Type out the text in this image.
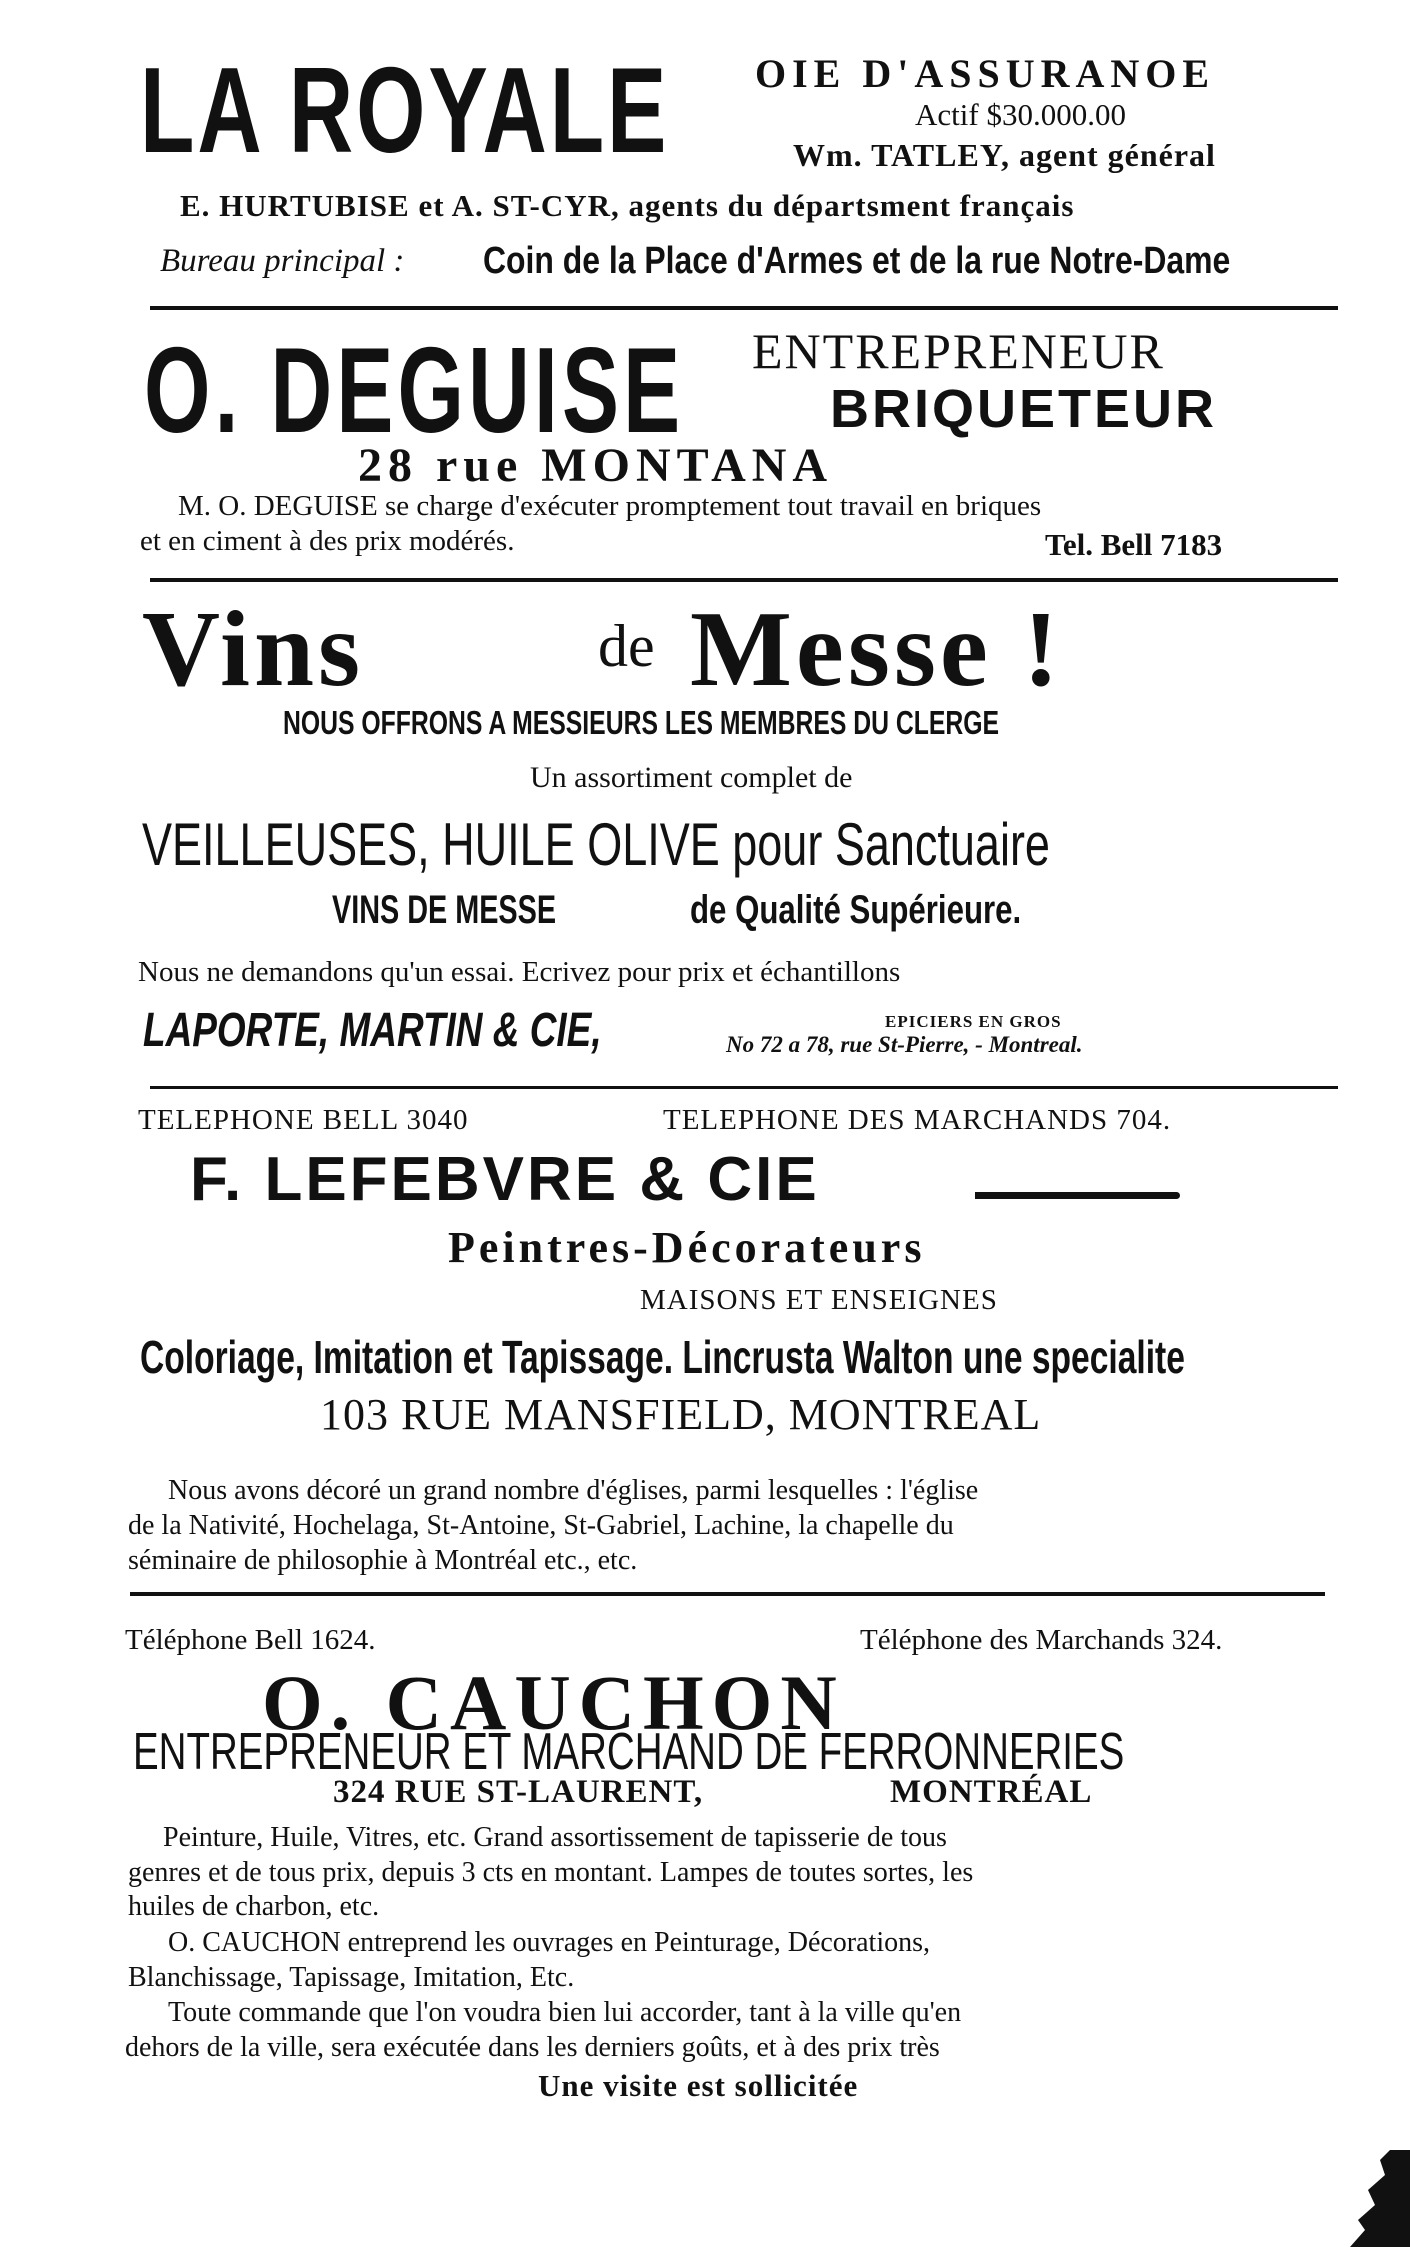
LA ROYALE OIE D'ASSURANOE
Actif $30.000.00
Wm. TATLEY, agent général
E. HURTUBISE et A. ST-CYR, agents du départsment français
Bureau principal : Coin de la Place d'Armes et de la rue Notre-Dame
O. DEGUISE ENTREPRENEUR
BRIQUETEUR
28 rue MONTANA
M. O. DEGUISE se charge d'exécuter promptement tout travail en briques
et en ciment à des prix modérés.	Tel. Bell 7183
Vins	de Messe !
NOUS OFFRONS A MESSIEURS LES MEMBRES DU CLERGE
Un assortiment complet de
VEILLEUSES, HUILE OLIVE pour Sanctuaire
VINS DE MESSE	de Qualité Supérieure.
Nous ne demandons qu'un essai. Ecrivez pour prix et échantillons
LAPORTE, MARTIN & CIE,	EPICIERS EN GROS
No 72 a 78, rue St-Pierre, - Montreal.
TELEPHONE BELL 3040	TELEPHONE DES MARCHANDS 704.
F. LEFEBVRE & CIE
Peintres-Décorateurs
MAISONS ET ENSEIGNES
Coloriage, Imitation et Tapissage. Lincrusta Walton une specialite
103 RUE MANSFIELD, MONTREAL
Nous avons décoré un grand nombre d'églises, parmi lesquelles : l'église
de la Nativité, Hochelaga, St-Antoine, St-Gabriel, Lachine, la chapelle du
séminaire de philosophie à Montréal etc., etc.
Téléphone Bell 1624.	Téléphone des Marchands 324.
O. CAUCHON
ENTREPRENEUR ET MARCHAND DE FERRONNERIES
324 RUE ST-LAURENT,	MONTRÉAL
Peinture, Huile, Vitres, etc. Grand assortissement de tapisserie de tous
genres et de tous prix, depuis 3 cts en montant. Lampes de toutes sortes, les
huiles de charbon, etc.
O. CAUCHON entreprend les ouvrages en Peinturage, Décorations,
Blanchissage, Tapissage, Imitation, Etc.
Toute commande que l'on voudra bien lui accorder, tant à la ville qu'en
dehors de la ville, sera exécutée dans les derniers goûts, et à des prix très
Une visite est sollicitée
